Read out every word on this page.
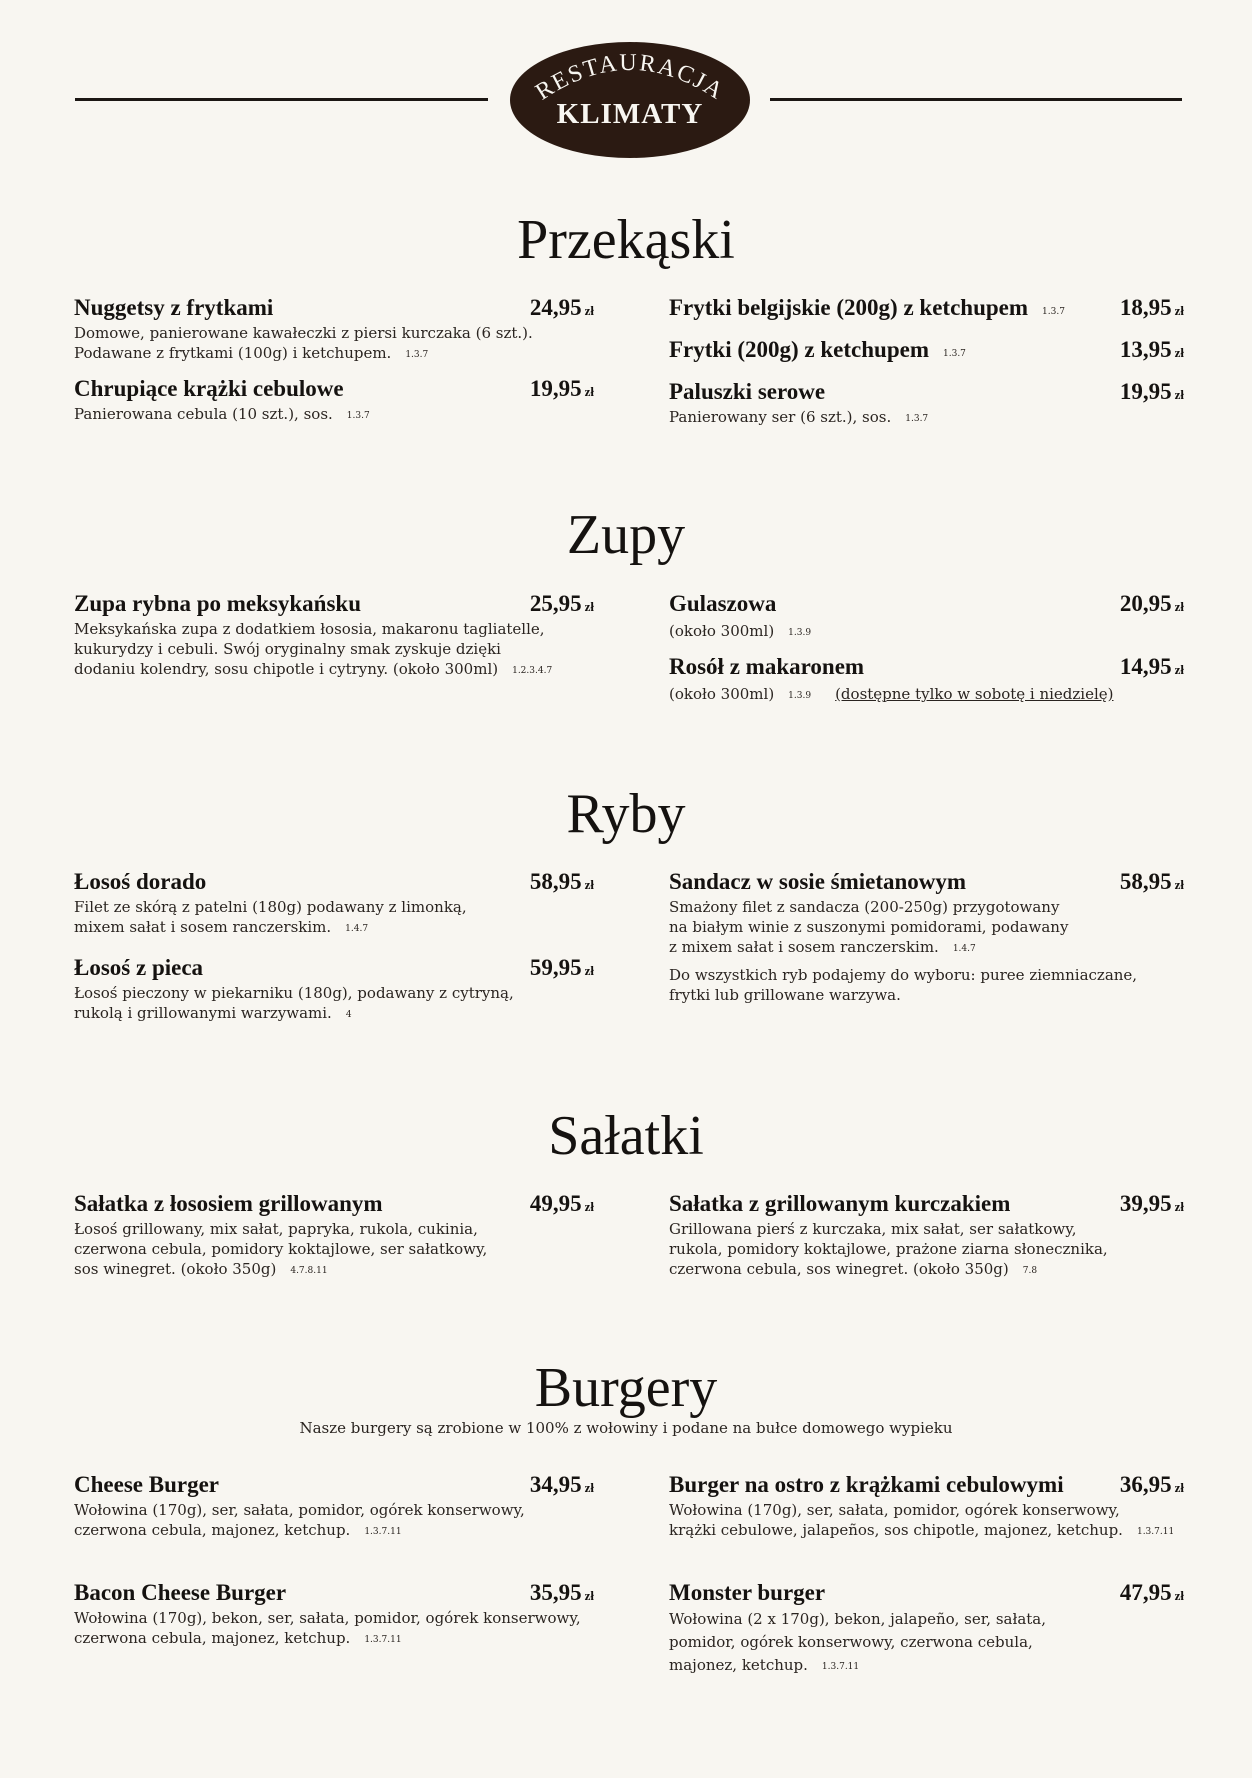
RESTAURACJA
KLIMATY
Przekąski
Nuggetsy z frytkami	24,95 zł
Domowe, panierowane kawałeczki z piersi kurczaka (6 szt.).
Podawane z frytkami (100g) i ketchupem. 1.3.7
Chrupiące krążki cebulowe	19,95 zł
Panierowana cebula (10 szt.), sos. 1.3.7
Frytki belgijskie (200g) z ketchupem 1.3.7 18,95 zł
Frytki (200g) z ketchupem 1.3.7	13,95 zł
Paluszki serowe	19,95 zł
Panierowany ser (6 szt.), sos. 1.3.7
Zupy
Zupa rybna po meksykańsku	25,95 zł
Meksykańska zupa z dodatkiem łososia, makaronu tagliatelle,
kukurydzy i cebuli. Swój oryginalny smak zyskuje dzięki
dodaniu kolendry, sosu chipotle i cytryny. (około 300ml) 1.2.3.4.7
Gulaszowa	20,95 zł
(około 300ml) 1.3.9
Rosół z makaronem	14,95 zł
(około 300ml) 1.3.9 (dostępne tylko w sobotę i niedzielę)
Ryby
Łosoś dorado	58,95 zł
Filet ze skórą z patelni (180g) podawany z limonką,
mixem sałat i sosem ranczerskim. 1.4.7
Łosoś z pieca	59,95 zł
Łosoś pieczony w piekarniku (180g), podawany z cytryną,
rukolą i grillowanymi warzywami. 4
Sandacz w sosie śmietanowym	58,95 zł
Smażony filet z sandacza (200-250g) przygotowany
na białym winie z suszonymi pomidorami, podawany
z mixem sałat i sosem ranczerskim. 1.4.7
Do wszystkich ryb podajemy do wyboru: puree ziemniaczane,
frytki lub grillowane warzywa.
Sałatki
Sałatka z łososiem grillowanym	49,95 zł
Łosoś grillowany, mix sałat, papryka, rukola, cukinia,
czerwona cebula, pomidory koktajlowe, ser sałatkowy,
sos winegret. (około 350g) 4.7.8.11
Sałatka z grillowanym kurczakiem	39,95 zł
Grillowana pierś z kurczaka, mix sałat, ser sałatkowy,
rukola, pomidory koktajlowe, prażone ziarna słonecznika,
czerwona cebula, sos winegret. (około 350g) 7.8
Burgery
Nasze burgery są zrobione w 100% z wołowiny i podane na bułce domowego wypieku
Cheese Burger	34,95 zł
Wołowina (170g), ser, sałata, pomidor, ogórek konserwowy,
czerwona cebula, majonez, ketchup. 1.3.7.11
Bacon Cheese Burger	35,95 zł
Wołowina (170g), bekon, ser, sałata, pomidor, ogórek konserwowy,
czerwona cebula, majonez, ketchup. 1.3.7.11
Burger na ostro z krążkami cebulowymi 36,95 zł
Wołowina (170g), ser, sałata, pomidor, ogórek konserwowy,
krążki cebulowe, jalapeños, sos chipotle, majonez, ketchup. 1.3.7.11
Monster burger	47,95 zł
Wołowina (2 x 170g), bekon, jalapeño, ser, sałata,
pomidor, ogórek konserwowy, czerwona cebula,
majonez, ketchup. 1.3.7.11
